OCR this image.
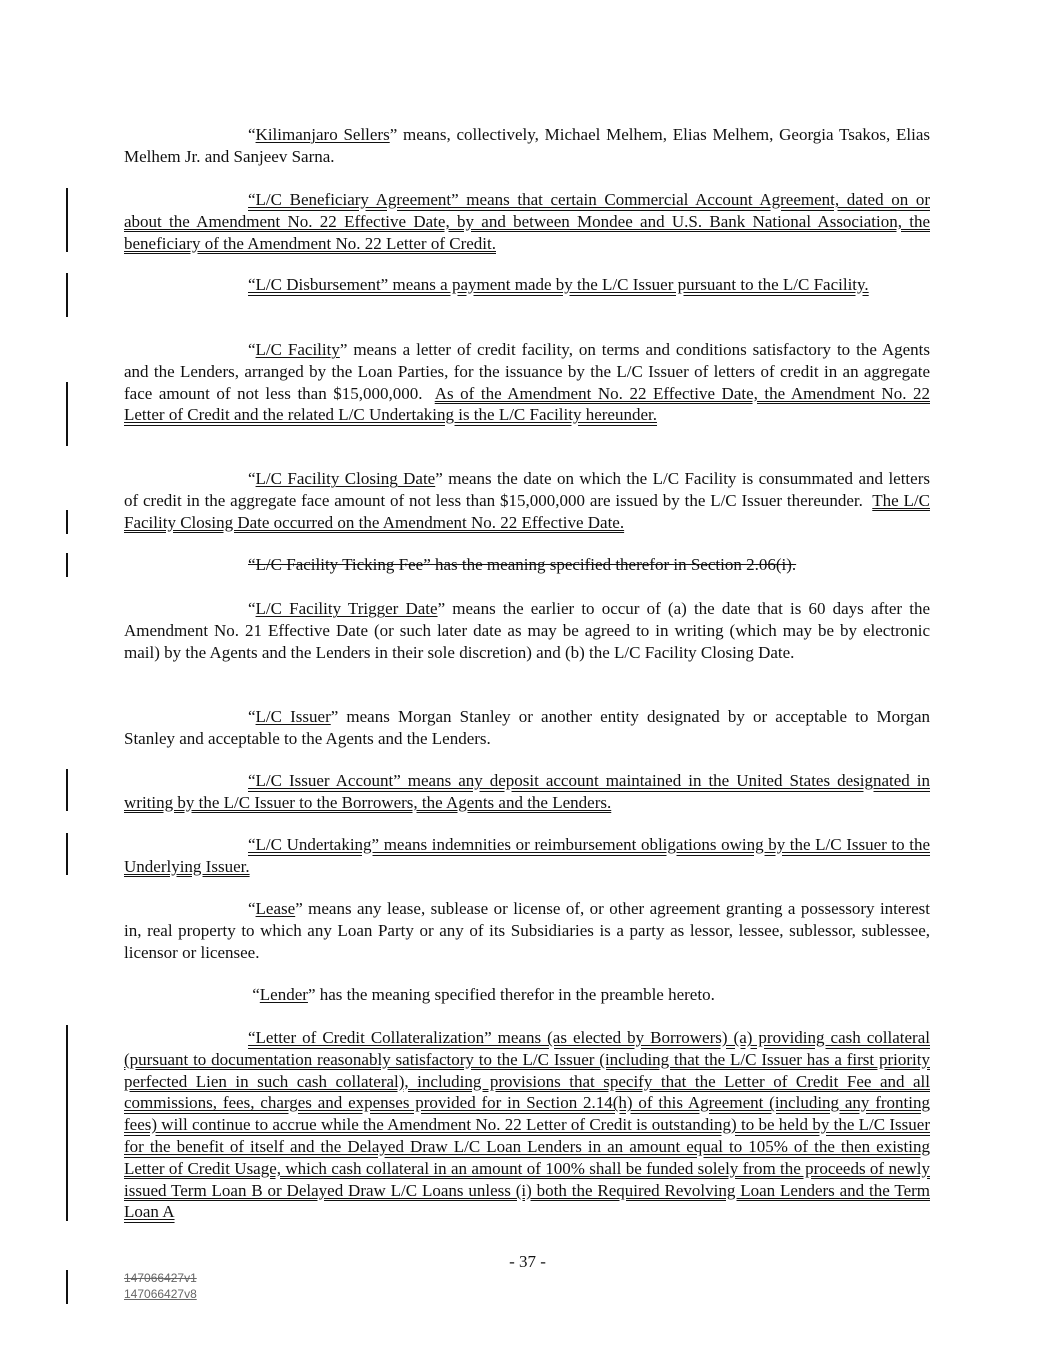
“Kilimanjaro Sellers” means, collectively, Michael Melhem, Elias Melhem, Georgia Tsakos, Elias Melhem Jr. and Sanjeev Sarna.

“L/C Beneficiary Agreement” means that certain Commercial Account Agreement, dated on or about the Amendment No. 22 Effective Date, by and between Mondee and U.S. Bank National Association, the beneficiary of the Amendment No. 22 Letter of Credit.

“L/C Disbursement” means a payment made by the L/C Issuer pursuant to the L/C Facility.

“L/C Facility” means a letter of credit facility, on terms and conditions satisfactory to the Agents and the Lenders, arranged by the Loan Parties, for the issuance by the L/C Issuer of letters of credit in an aggregate face amount of not less than $15,000,000. As of the Amendment No. 22 Effective Date, the Amendment No. 22 Letter of Credit and the related L/C Undertaking is the L/C Facility hereunder.

“L/C Facility Closing Date” means the date on which the L/C Facility is consummated and letters of credit in the aggregate face amount of not less than $15,000,000 are issued by the L/C Issuer thereunder. The L/C Facility Closing Date occurred on the Amendment No. 22 Effective Date.

“L/C Facility Ticking Fee” has the meaning specified therefor in Section 2.06(i).

“L/C Facility Trigger Date” means the earlier to occur of (a) the date that is 60 days after the Amendment No. 21 Effective Date (or such later date as may be agreed to in writing (which may be by electronic mail) by the Agents and the Lenders in their sole discretion) and (b) the L/C Facility Closing Date.

“L/C Issuer” means Morgan Stanley or another entity designated by or acceptable to Morgan Stanley and acceptable to the Agents and the Lenders.

“L/C Issuer Account” means any deposit account maintained in the United States designated in writing by the L/C Issuer to the Borrowers, the Agents and the Lenders.

“L/C Undertaking” means indemnities or reimbursement obligations owing by the L/C Issuer to the Underlying Issuer.

“Lease” means any lease, sublease or license of, or other agreement granting a possessory interest in, real property to which any Loan Party or any of its Subsidiaries is a party as lessor, lessee, sublessor, sublessee, licensor or licensee.

“Lender” has the meaning specified therefor in the preamble hereto.

“Letter of Credit Collateralization” means (as elected by Borrowers) (a) providing cash collateral (pursuant to documentation reasonably satisfactory to the L/C Issuer (including that the L/C Issuer has a first priority perfected Lien in such cash collateral), including provisions that specify that the Letter of Credit Fee and all commissions, fees, charges and expenses provided for in Section 2.14(h) of this Agreement (including any fronting fees) will continue to accrue while the Amendment No. 22 Letter of Credit is outstanding) to be held by the L/C Issuer for the benefit of itself and the Delayed Draw L/C Loan Lenders in an amount equal to 105% of the then existing Letter of Credit Usage, which cash collateral in an amount of 100% shall be funded solely from the proceeds of newly issued Term Loan B or Delayed Draw L/C Loans unless (i) both the Required Revolving Loan Lenders and the Term Loan A

- 37 -
147066427v1
147066427v8
